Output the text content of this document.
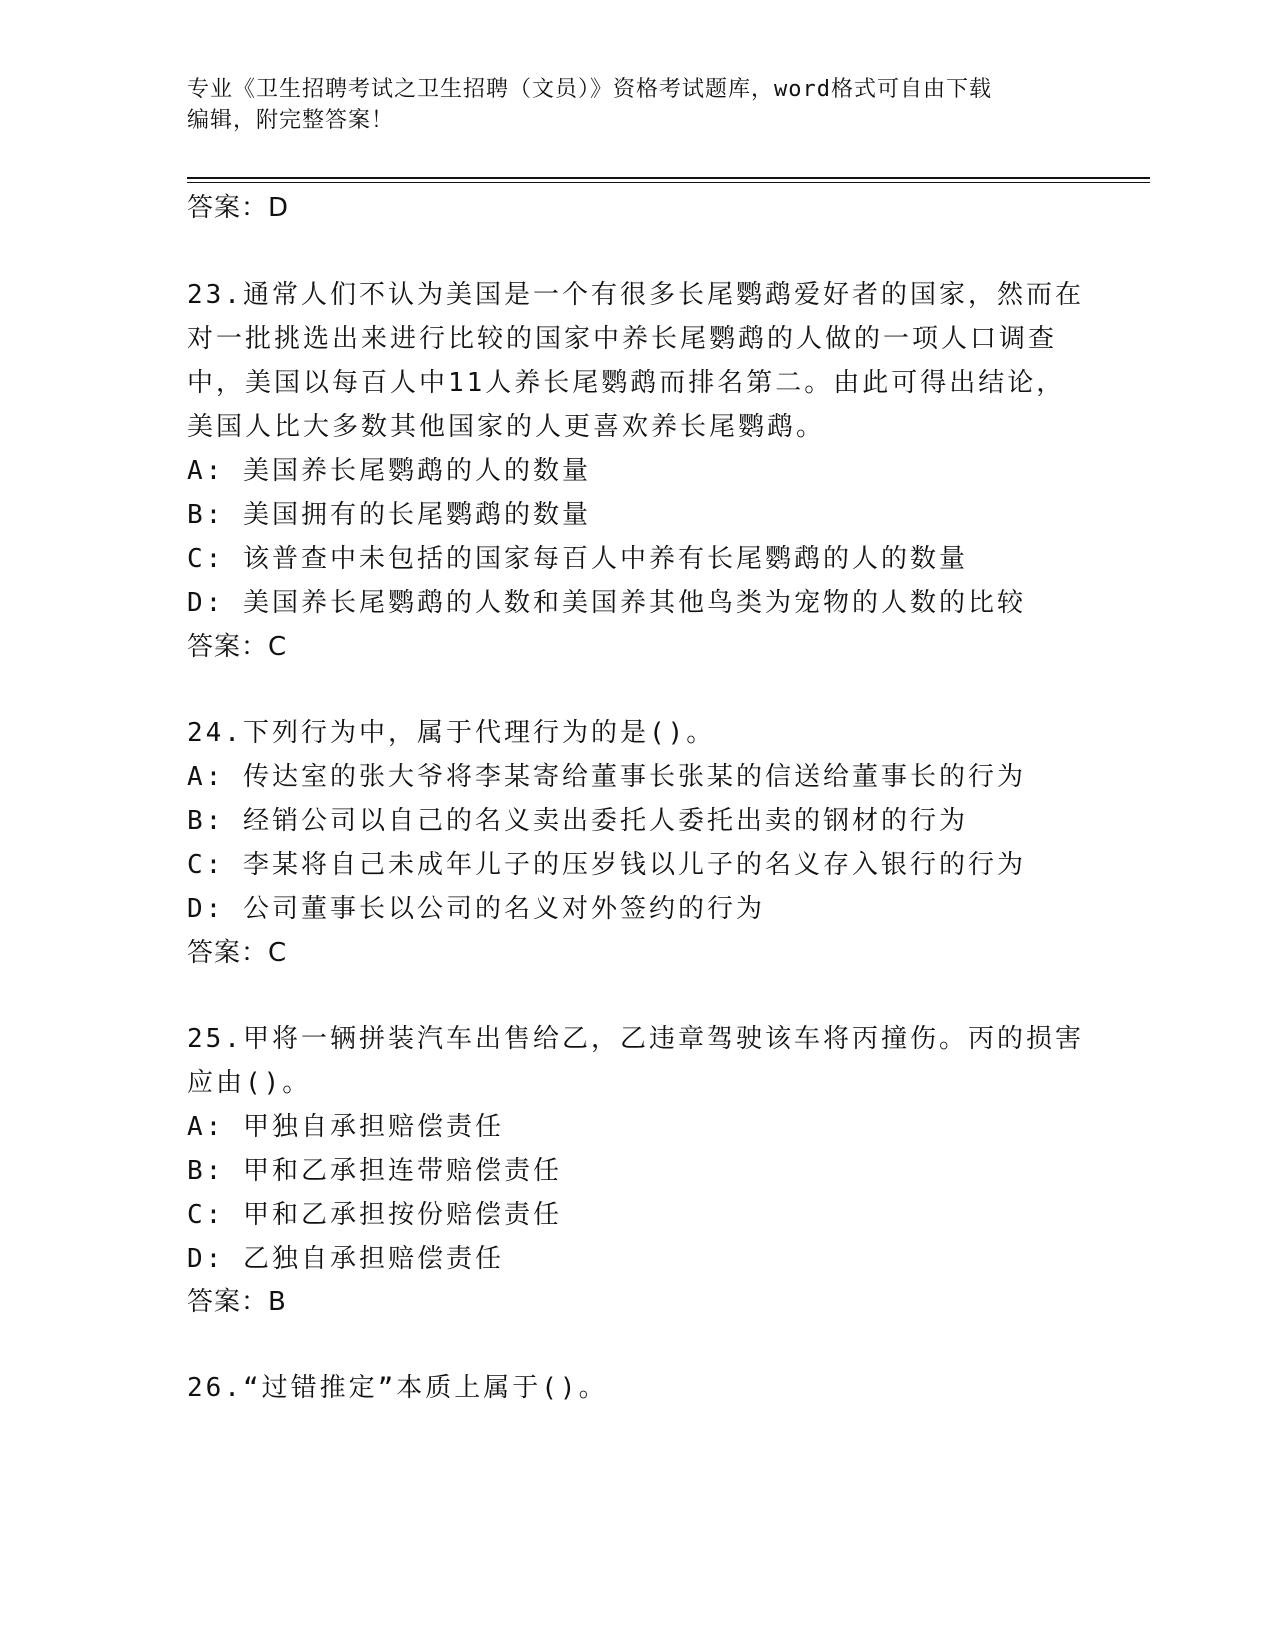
专业《卫生招聘考试之卫生招聘（文员）》资格考试题库，word格式可自由下载
编辑，附完整答案！
答案：D
23.通常人们不认为美国是一个有很多长尾鹦鹉爱好者的国家，然而在
对一批挑选出来进行比较的国家中养长尾鹦鹉的人做的一项人口调查
中，美国以每百人中11人养长尾鹦鹉而排名第二。由此可得出结论，
美国人比大多数其他国家的人更喜欢养长尾鹦鹉。
A: 美国养长尾鹦鹉的人的数量
B: 美国拥有的长尾鹦鹉的数量
C: 该普查中未包括的国家每百人中养有长尾鹦鹉的人的数量
D: 美国养长尾鹦鹉的人数和美国养其他鸟类为宠物的人数的比较
答案：C
24.下列行为中，属于代理行为的是()。
A: 传达室的张大爷将李某寄给董事长张某的信送给董事长的行为
B: 经销公司以自己的名义卖出委托人委托出卖的钢材的行为
C: 李某将自己未成年儿子的压岁钱以儿子的名义存入银行的行为
D: 公司董事长以公司的名义对外签约的行为
答案：C
25.甲将一辆拼装汽车出售给乙，乙违章驾驶该车将丙撞伤。丙的损害
应由()。
A: 甲独自承担赔偿责任
B: 甲和乙承担连带赔偿责任
C: 甲和乙承担按份赔偿责任
D: 乙独自承担赔偿责任
答案：B
26.“过错推定”本质上属于()。
